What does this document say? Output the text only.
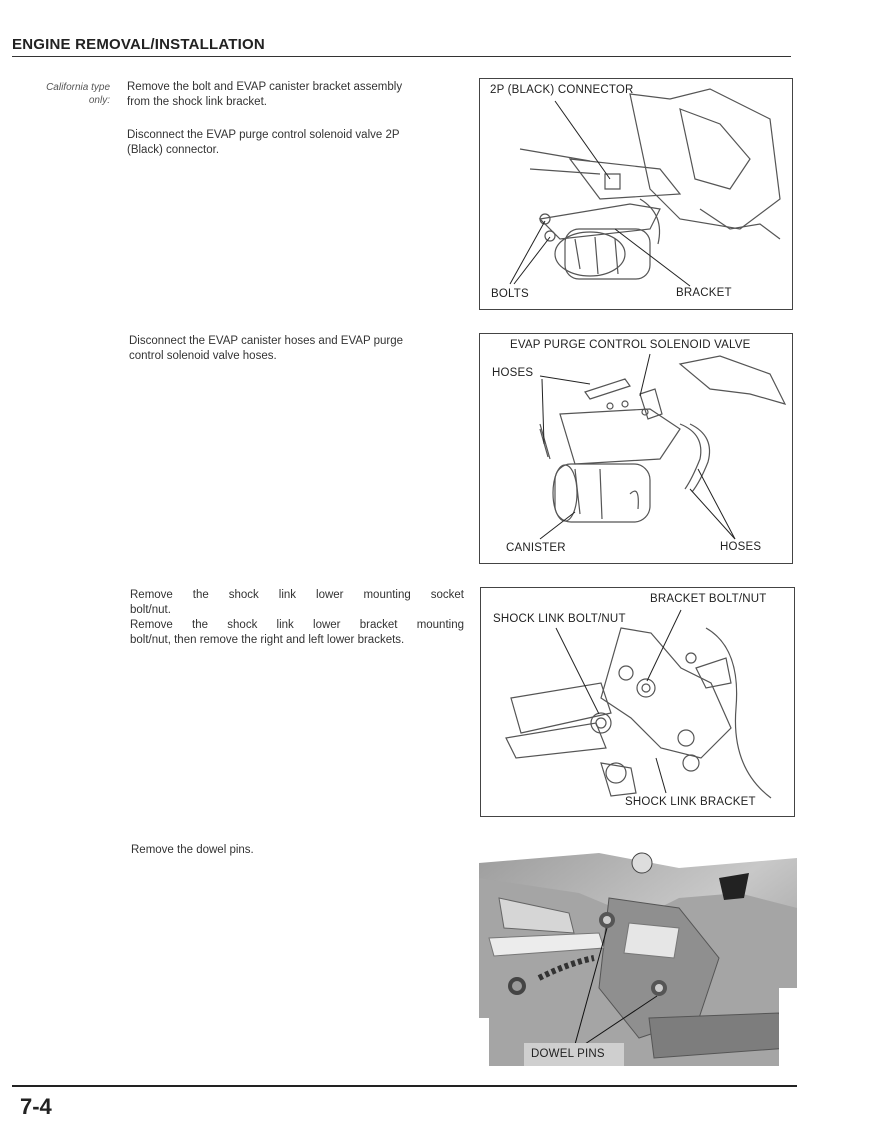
ENGINE REMOVAL/INSTALLATION
California type
only:
Remove the bolt and EVAP canister bracket assembly
from the shock link bracket.
Disconnect the EVAP purge control solenoid valve 2P
(Black) connector.
Disconnect the EVAP canister hoses and EVAP purge
control solenoid valve hoses.
Remove the shock link lower mounting socket
bolt/nut.
Remove the shock link lower bracket mounting
bolt/nut, then remove the right and left lower brackets.
Remove the dowel pins.
2P (BLACK) CONNECTOR
BOLTS	BRACKET
EVAP PURGE CONTROL SOLENOID VALVE
HOSES
CANISTER	HOSES
BRACKET BOLT/NUT
SHOCK LINK BOLT/NUT
SHOCK LINK BRACKET
DOWEL PINS
7-4
